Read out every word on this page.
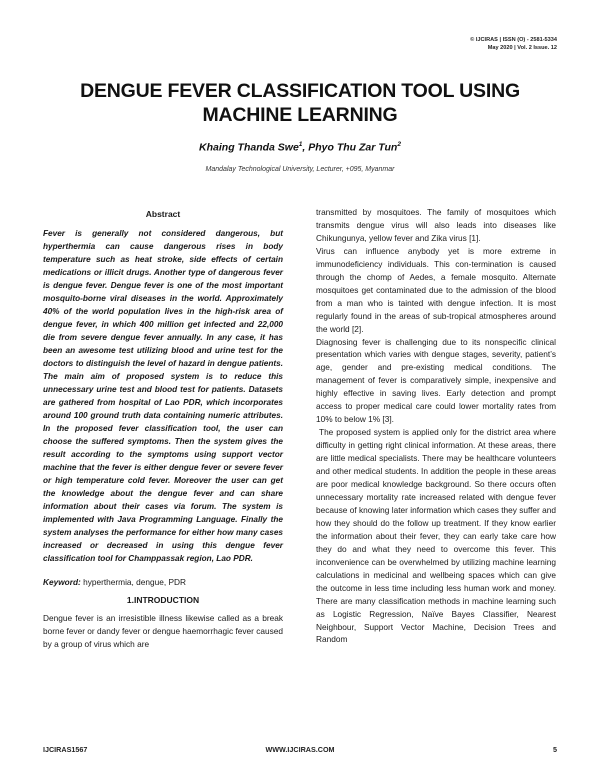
© IJCIRAS | ISSN (O) - 2581-5334
May 2020 | Vol. 2 Issue. 12
DENGUE FEVER CLASSIFICATION TOOL USING
MACHINE LEARNING
Khaing Thanda Swe$^1$, Phyo Thu Zar Tun$^2$
Mandalay Technological University, Lecturer, +095, Myanmar

Abstract

Fever is generally not considered dangerous, but hyperthermia can cause dangerous rises in body temperature such as heat stroke, side effects of certain medications or illicit drugs. Another type of dangerous fever is dengue fever. Dengue fever is one of the most important mosquito-borne viral diseases in the world. Approximately 40% of the world population lives in the high-risk area of dengue fever, in which 400 million get infected and 22,000 die from severe dengue fever annually. In any case, it has been an awesome test utilizing blood and urine test for the doctors to distinguish the level of hazard in dengue patients. The main aim of proposed system is to reduce this unnecessary urine test and blood test for patients. Datasets are gathered from hospital of Lao PDR, which incorporates around 100 ground truth data containing numeric attributes. In the proposed fever classification tool, the user can choose the suffered symptoms. Then the system gives the result according to the symptoms using support vector machine that the fever is either dengue fever or severe fever or high temperature cold fever. Moreover the user can get the knowledge about the dengue fever and can share information about their cases via forum. The system is implemented with Java Programming Language. Finally the system analyses the performance for either how many cases increased or decreased in using this dengue fever classification tool for Champpassak region, Lao PDR.

Keyword: hyperthermia, dengue, PDR

1.INTRODUCTION

Dengue fever is an irresistible illness likewise called as a break borne fever or dandy fever or dengue haemorrhagic fever caused by a group of virus which are

transmitted by mosquitoes. The family of mosquitoes which transmits dengue virus will also leads into diseases like Chikungunya, yellow fever and Zika virus [1].

Virus can influence anybody yet is more extreme in immunodeficiency individuals. This con-termination is caused through the chomp of Aedes, a female mosquito. Alternate mosquitoes get contaminated due to the admission of the blood from a man who is tainted with dengue infection. It is most regularly found in the areas of sub-tropical atmospheres around the world [2].

Diagnosing fever is challenging due to its nonspecific clinical presentation which varies with dengue stages, severity, patient’s age, gender and pre-existing medical conditions. The management of fever is comparatively simple, inexpensive and highly effective in saving lives. Early detection and prompt access to proper medical care could lower mortality rates from 10% to below 1% [3].

The proposed system is applied only for the district area where difficulty in getting right clinical information. At these areas, there are little medical specialists. There may be healthcare volunteers and other medical students. In addition the people in these areas are poor medical knowledge background. So there occurs often unnecessary mortality rate increased related with dengue fever because of knowing later information which cases they suffer and how they should do the follow up treatment. If they know earlier the information about their fever, they can early take care how they do and what they need to overcome this fever. This inconvenience can be overwhelmed by utilizing machine learning calculations in medicinal and wellbeing spaces which can give the outcome in less time including less human work and money. There are many classification methods in machine learning such as Logistic Regression, Naïve Bayes Classifier, Nearest Neighbour, Support Vector Machine, Decision Trees and Random

IJCIRAS1567	WWW.IJCIRAS.COM	5
